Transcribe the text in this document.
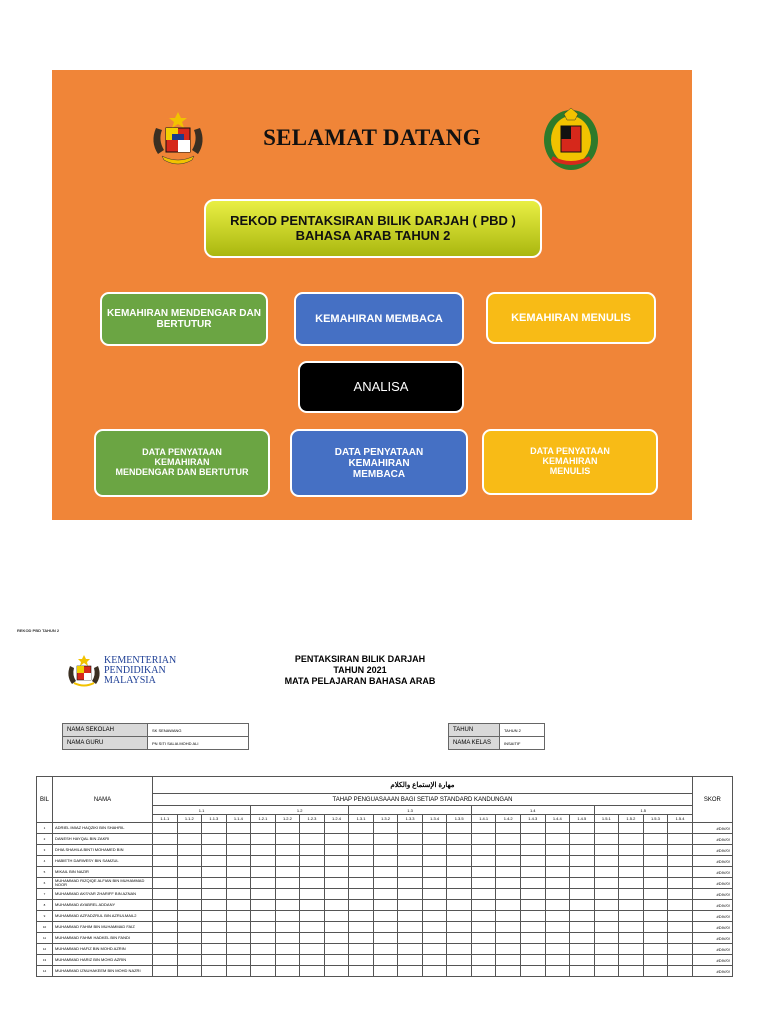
SELAMAT DATANG
REKOD PENTAKSIRAN BILIK DARJAH ( PBD )
BAHASA ARAB TAHUN 2
KEMAHIRAN MENDENGAR DAN BERTUTUR	KEMAHIRAN MEMBACA	KEMAHIRAN MENULIS
ANALISA
DATA PENYATAAN
KEMAHIRAN
MENDENGAR DAN BERTUTUR
DATA PENYATAAN
KEMAHIRAN
MEMBACA
DATA PENYATAAN
KEMAHIRAN
MENULIS
REKOD PBD TAHUN 2
KEMENTERIAN
PENDIDIKAN
MALAYSIA
PENTAKSIRAN BILIK DARJAH
TAHUN 2021
MATA PELAJARAN BAHASA ARAB
NAMA SEKOLAH	SK SENAWANG
NAMA GURU	PN SITI SALIA MOHD ALI
TAHUN	TAHUN 2
NAMA KELAS	INSAITIF
BIL	NAMA	مهارة الإستماع والكلام																						SKOR
		TAHAP PENGUASAAAN BAGI SETIAP STANDARD KANDUNGAN																						
		1.1				1.2				1.3					1.4					1.5				
		1.1.1	1.1.2	1.1.3	1.1.4	1.2.1	1.2.2	1.2.3	1.2.4	1.3.1	1.3.2	1.3.3	1.3.4	1.3.5	1.4.1	1.4.2	1.4.3	1.4.4	1.4.5	1.5.1	1.5.2	1.5.3	1.5.4	
1	ADRIEL IMIAZ HAQZIKI BIN SHAHRIL																							#DIV/0!
2	DANESH HAYQAL BIN ZAKRI																							#DIV/0!
3	DHIA SHAHILA BINTI MOHAMED BIN																							#DIV/0!
4	HABIETH DARWESY BIN SAMZUL																							#DIV/0!
5	MIKAIL BIN NAZIR																							#DIV/0!
6	MUHAMMAD RIZQIQE ALFIAN BIN MUHAMMAD NOOR																							#DIV/0!
7	MUHAMMAD AKSYAR ZHARIFF BIN AZNAN																							#DIV/0!
8	MUHAMMAD AYABREL ADDANY																							#DIV/0!
9	MUHAMMAD AZFADZRUL BIN AZRULMAIL2																							#DIV/0!
10	MUHAMMAD FAHIM BIN MUHAMMAD FAIZ																							#DIV/0!
11	MUHAMMAD FAHMI HADKEL BIN FANDI																							#DIV/0!
12	MUHAMMAD HAFIZ BIN MOHD AZRIN																							#DIV/0!
13	MUHAMMAD HARIZ BIN MOHD AZRIN																							#DIV/0!
14	MUHAMMAD IZNUHAKEEM BIN MOHD NAZRI																							#DIV/0!
